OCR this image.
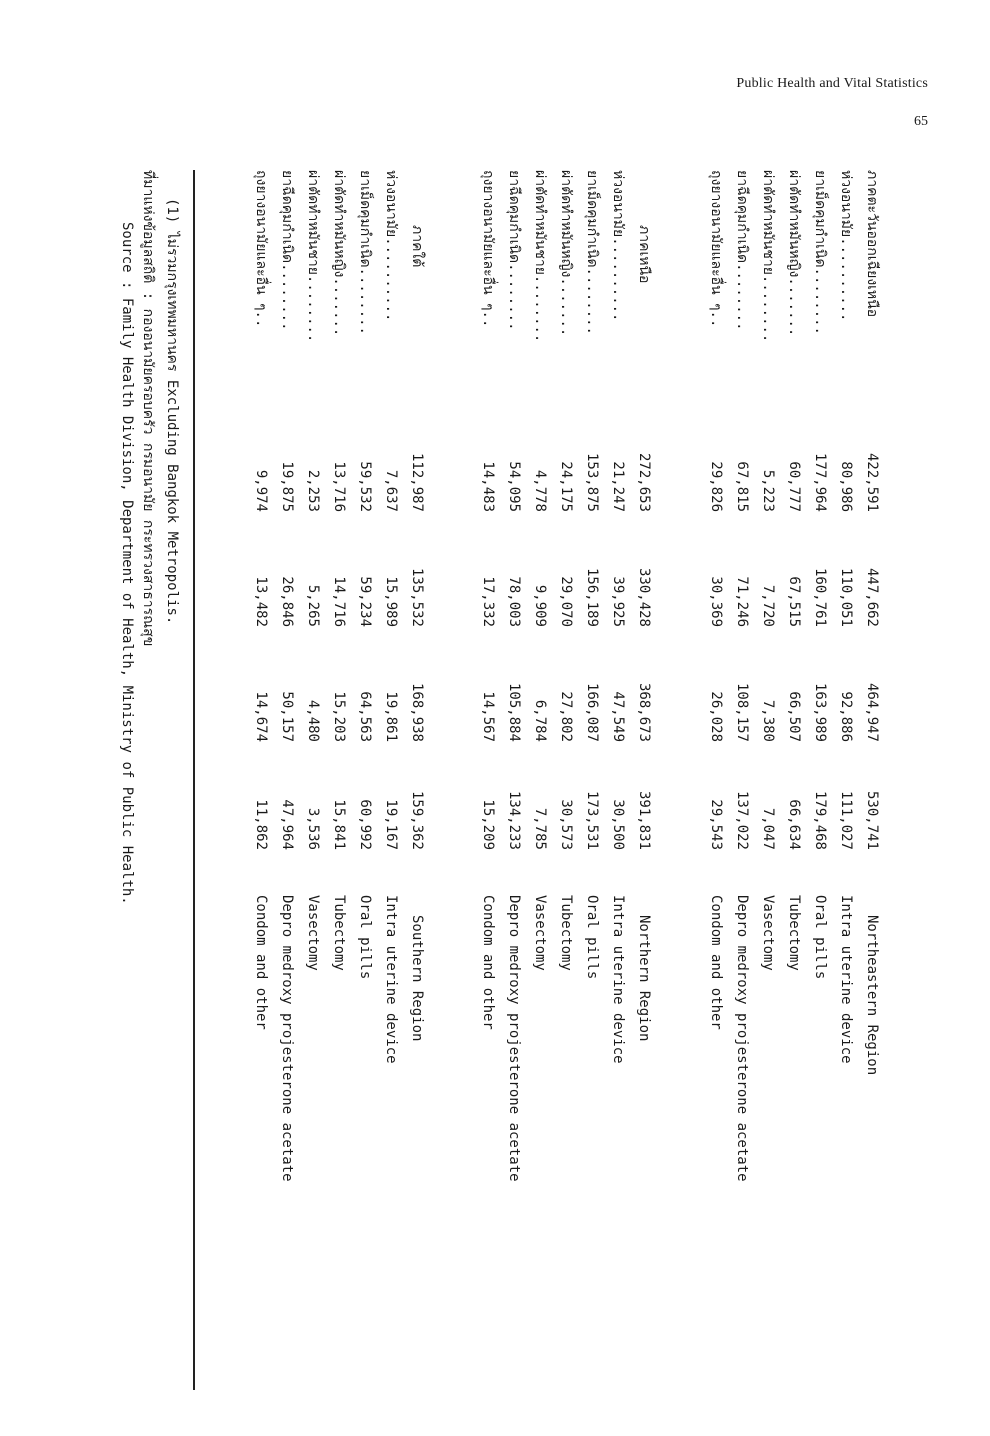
Public Health and Vital Statistics
65
ภาคตะวันออกเฉียงเหนือ
422,591
447,662
464,947
530,741
Northeastern Region
ห่วงอนามัย..........
80,986
110,051
92,886
111,027
Intra uterine device
ยาเม็ดคุมกำเนิด........
177,964
160,761
163,989
179,468
Oral pills
ผ่าตัดทำหมันหญิง.......
60,777
67,515
66,507
66,634
Tubectomy
ผ่าตัดทำหมันชาย........
5,223
7,720
7,380
7,047
Vasectomy
ยาฉีดคุมกำเนิด........
67,815
71,246
108,157
137,022
Depro medroxy projesterone acetate
ถุงยางอนามัยและอื่น ๆ..
29,826
30,369
26,028
29,543
Condom and other
ภาคเหนือ
272,653
330,428
368,673
391,831
Northern Region
ห่วงอนามัย..........
21,247
39,925
47,549
30,500
Intra uterine device
ยาเม็ดคุมกำเนิด........
153,875
156,189
166,087
173,531
Oral pills
ผ่าตัดทำหมันหญิง.......
24,175
29,070
27,802
30,573
Tubectomy
ผ่าตัดทำหมันชาย........
4,778
9,909
6,784
7,785
Vasectomy
ยาฉีดคุมกำเนิด........
54,095
78,003
105,884
134,233
Depro medroxy projesterone acetate
ถุงยางอนามัยและอื่น ๆ..
14,483
17,332
14,567
15,209
Condom and other
ภาคใต้
112,987
135,532
168,938
159,362
Southern Region
ห่วงอนามัย..........
7,637
15,989
19,861
19,167
Intra uterine device
ยาเม็ดคุมกำเนิด........
59,532
59,234
64,563
60,992
Oral pills
ผ่าตัดทำหมันหญิง.......
13,716
14,716
15,203
15,841
Tubectomy
ผ่าตัดทำหมันชาย........
2,253
5,265
4,480
3,536
Vasectomy
ยาฉีดคุมกำเนิด........
19,875
26,846
50,157
47,964
Depro medroxy projesterone acetate
ถุงยางอนามัยและอื่น ๆ..
9,974
13,482
14,674
11,862
Condom and other
(1) ไม่รวมกรุงเทพมหานคร Excluding Bangkok Metropolis.
ที่มาแห่งข้อมูลสถิติ : กองอนามัยครอบครัว กรมอนามัย กระทรวงสาธารณสุข
Source : Family Health Division, Department of Health, Ministry of Public Health.
